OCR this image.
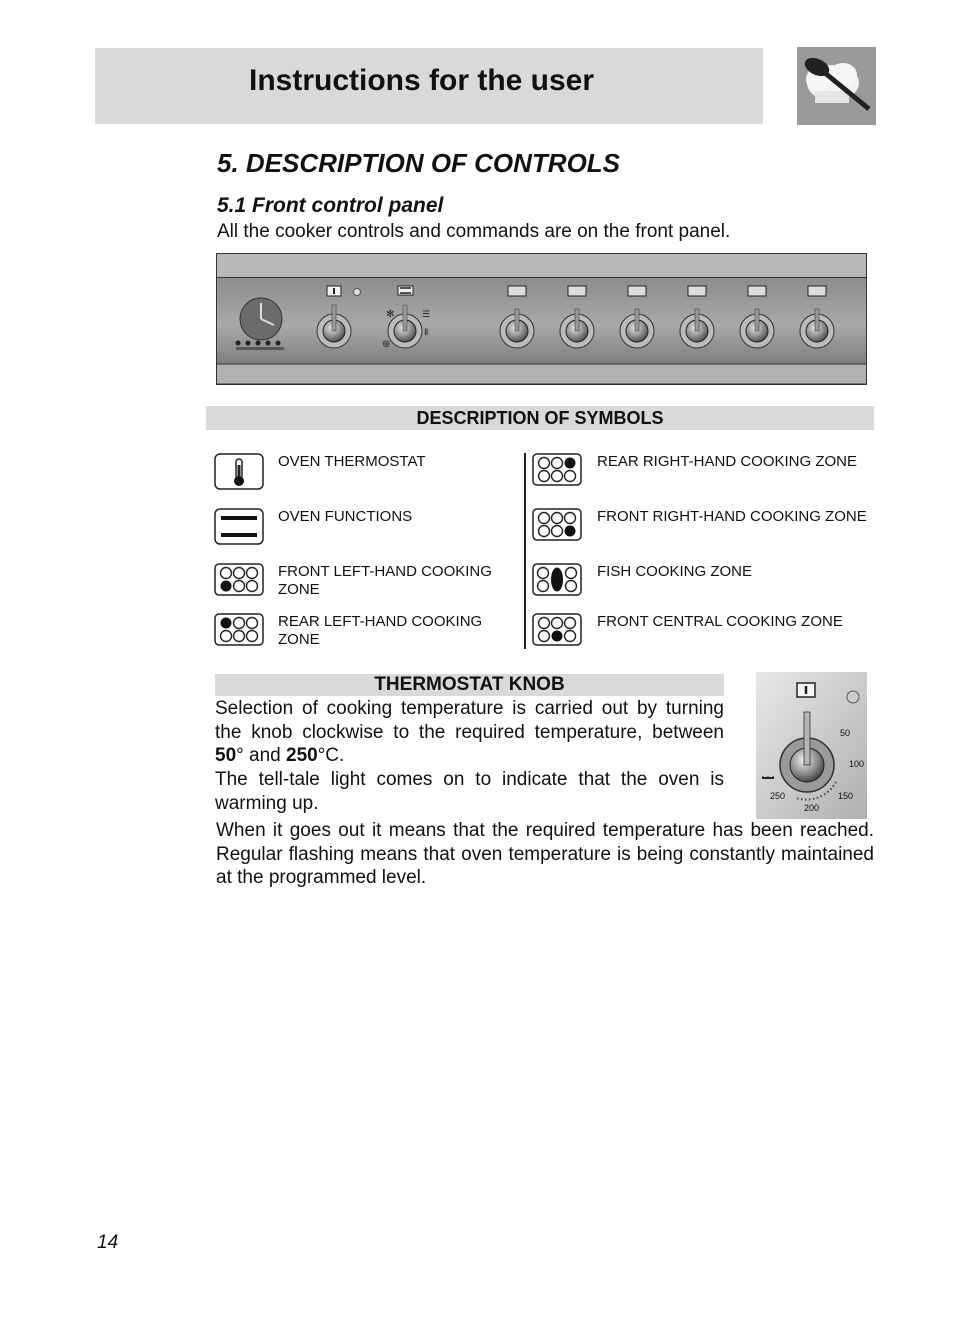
Instructions for the user
5. DESCRIPTION OF CONTROLS
5.1 Front control panel
All the cooker controls and commands are on the front panel.
✻
⊕
☰
Ⅱ
DESCRIPTION OF SYMBOLS
OVEN THERMOSTAT
OVEN FUNCTIONS
FRONT LEFT-HAND COOKING ZONE
REAR LEFT-HAND COOKING ZONE
REAR RIGHT-HAND COOKING ZONE
FRONT RIGHT-HAND COOKING ZONE
FISH COOKING ZONE
FRONT CENTRAL COOKING ZONE
THERMOSTAT KNOB
Selection of cooking temperature is carried out by turning the knob clockwise to the required temperature, between 50° and 250°C.
The tell-tale light comes on to indicate that the oven is warming up.
When it goes out it means that the required temperature has been reached. Regular flashing means that oven temperature is being constantly maintained at the programmed level.
50
100
150
200
250
14
